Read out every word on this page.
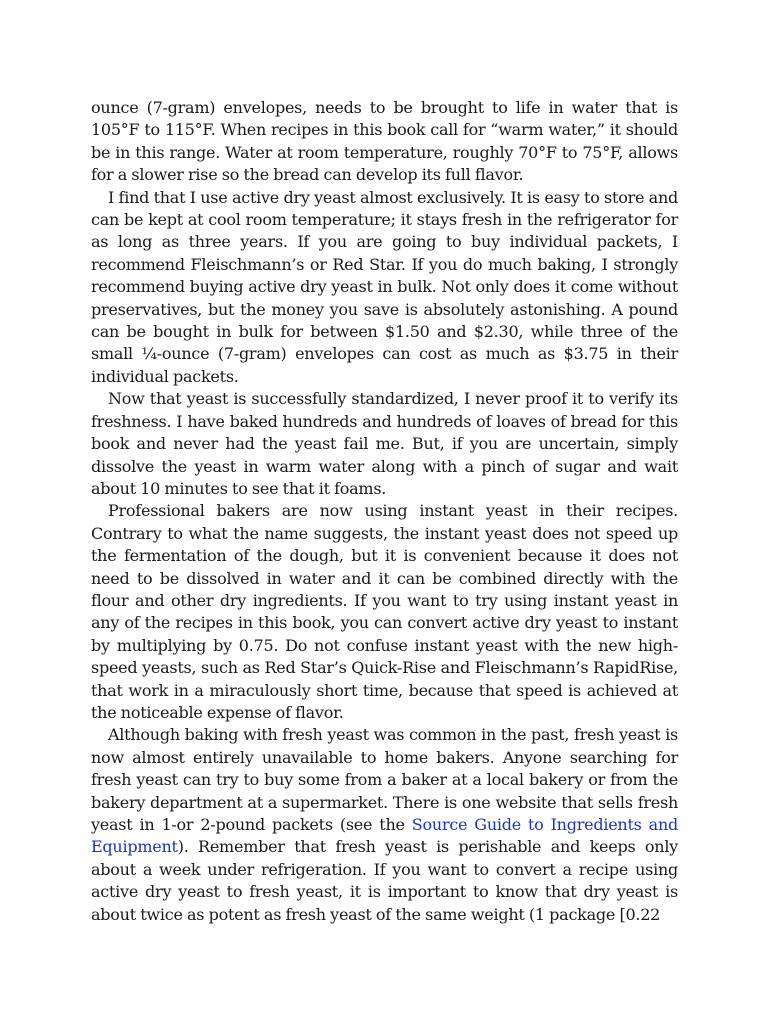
ounce (7-gram) envelopes, needs to be brought to life in water that is 105°F to 115°F. When recipes in this book call for “warm water,” it should be in this range. Water at room temperature, roughly 70°F to 75°F, allows for a slower rise so the bread can develop its full flavor.

I find that I use active dry yeast almost exclusively. It is easy to store and can be kept at cool room temperature; it stays fresh in the refrigerator for as long as three years. If you are going to buy individual packets, I recommend Fleischmann’s or Red Star. If you do much baking, I strongly recommend buying active dry yeast in bulk. Not only does it come without preservatives, but the money you save is absolutely astonishing. A pound can be bought in bulk for between $1.50 and $2.30, while three of the small ¼-ounce (7-gram) envelopes can cost as much as $3.75 in their individual packets.

Now that yeast is successfully standardized, I never proof it to verify its freshness. I have baked hundreds and hundreds of loaves of bread for this book and never had the yeast fail me. But, if you are uncertain, simply dissolve the yeast in warm water along with a pinch of sugar and wait about 10 minutes to see that it foams.

Professional bakers are now using instant yeast in their recipes. Contrary to what the name suggests, the instant yeast does not speed up the fermentation of the dough, but it is convenient because it does not need to be dissolved in water and it can be combined directly with the flour and other dry ingredients. If you want to try using instant yeast in any of the recipes in this book, you can convert active dry yeast to instant by multiplying by 0.75. Do not confuse instant yeast with the new high-speed yeasts, such as Red Star’s Quick-Rise and Fleischmann’s RapidRise, that work in a miraculously short time, because that speed is achieved at the noticeable expense of flavor.

Although baking with fresh yeast was common in the past, fresh yeast is now almost entirely unavailable to home bakers. Anyone searching for fresh yeast can try to buy some from a baker at a local bakery or from the bakery department at a supermarket. There is one website that sells fresh yeast in 1-or 2-pound packets (see the Source Guide to Ingredients and Equipment). Remember that fresh yeast is perishable and keeps only about a week under refrigeration. If you want to convert a recipe using active dry yeast to fresh yeast, it is important to know that dry yeast is about twice as potent as fresh yeast of the same weight (1 package [0.22
